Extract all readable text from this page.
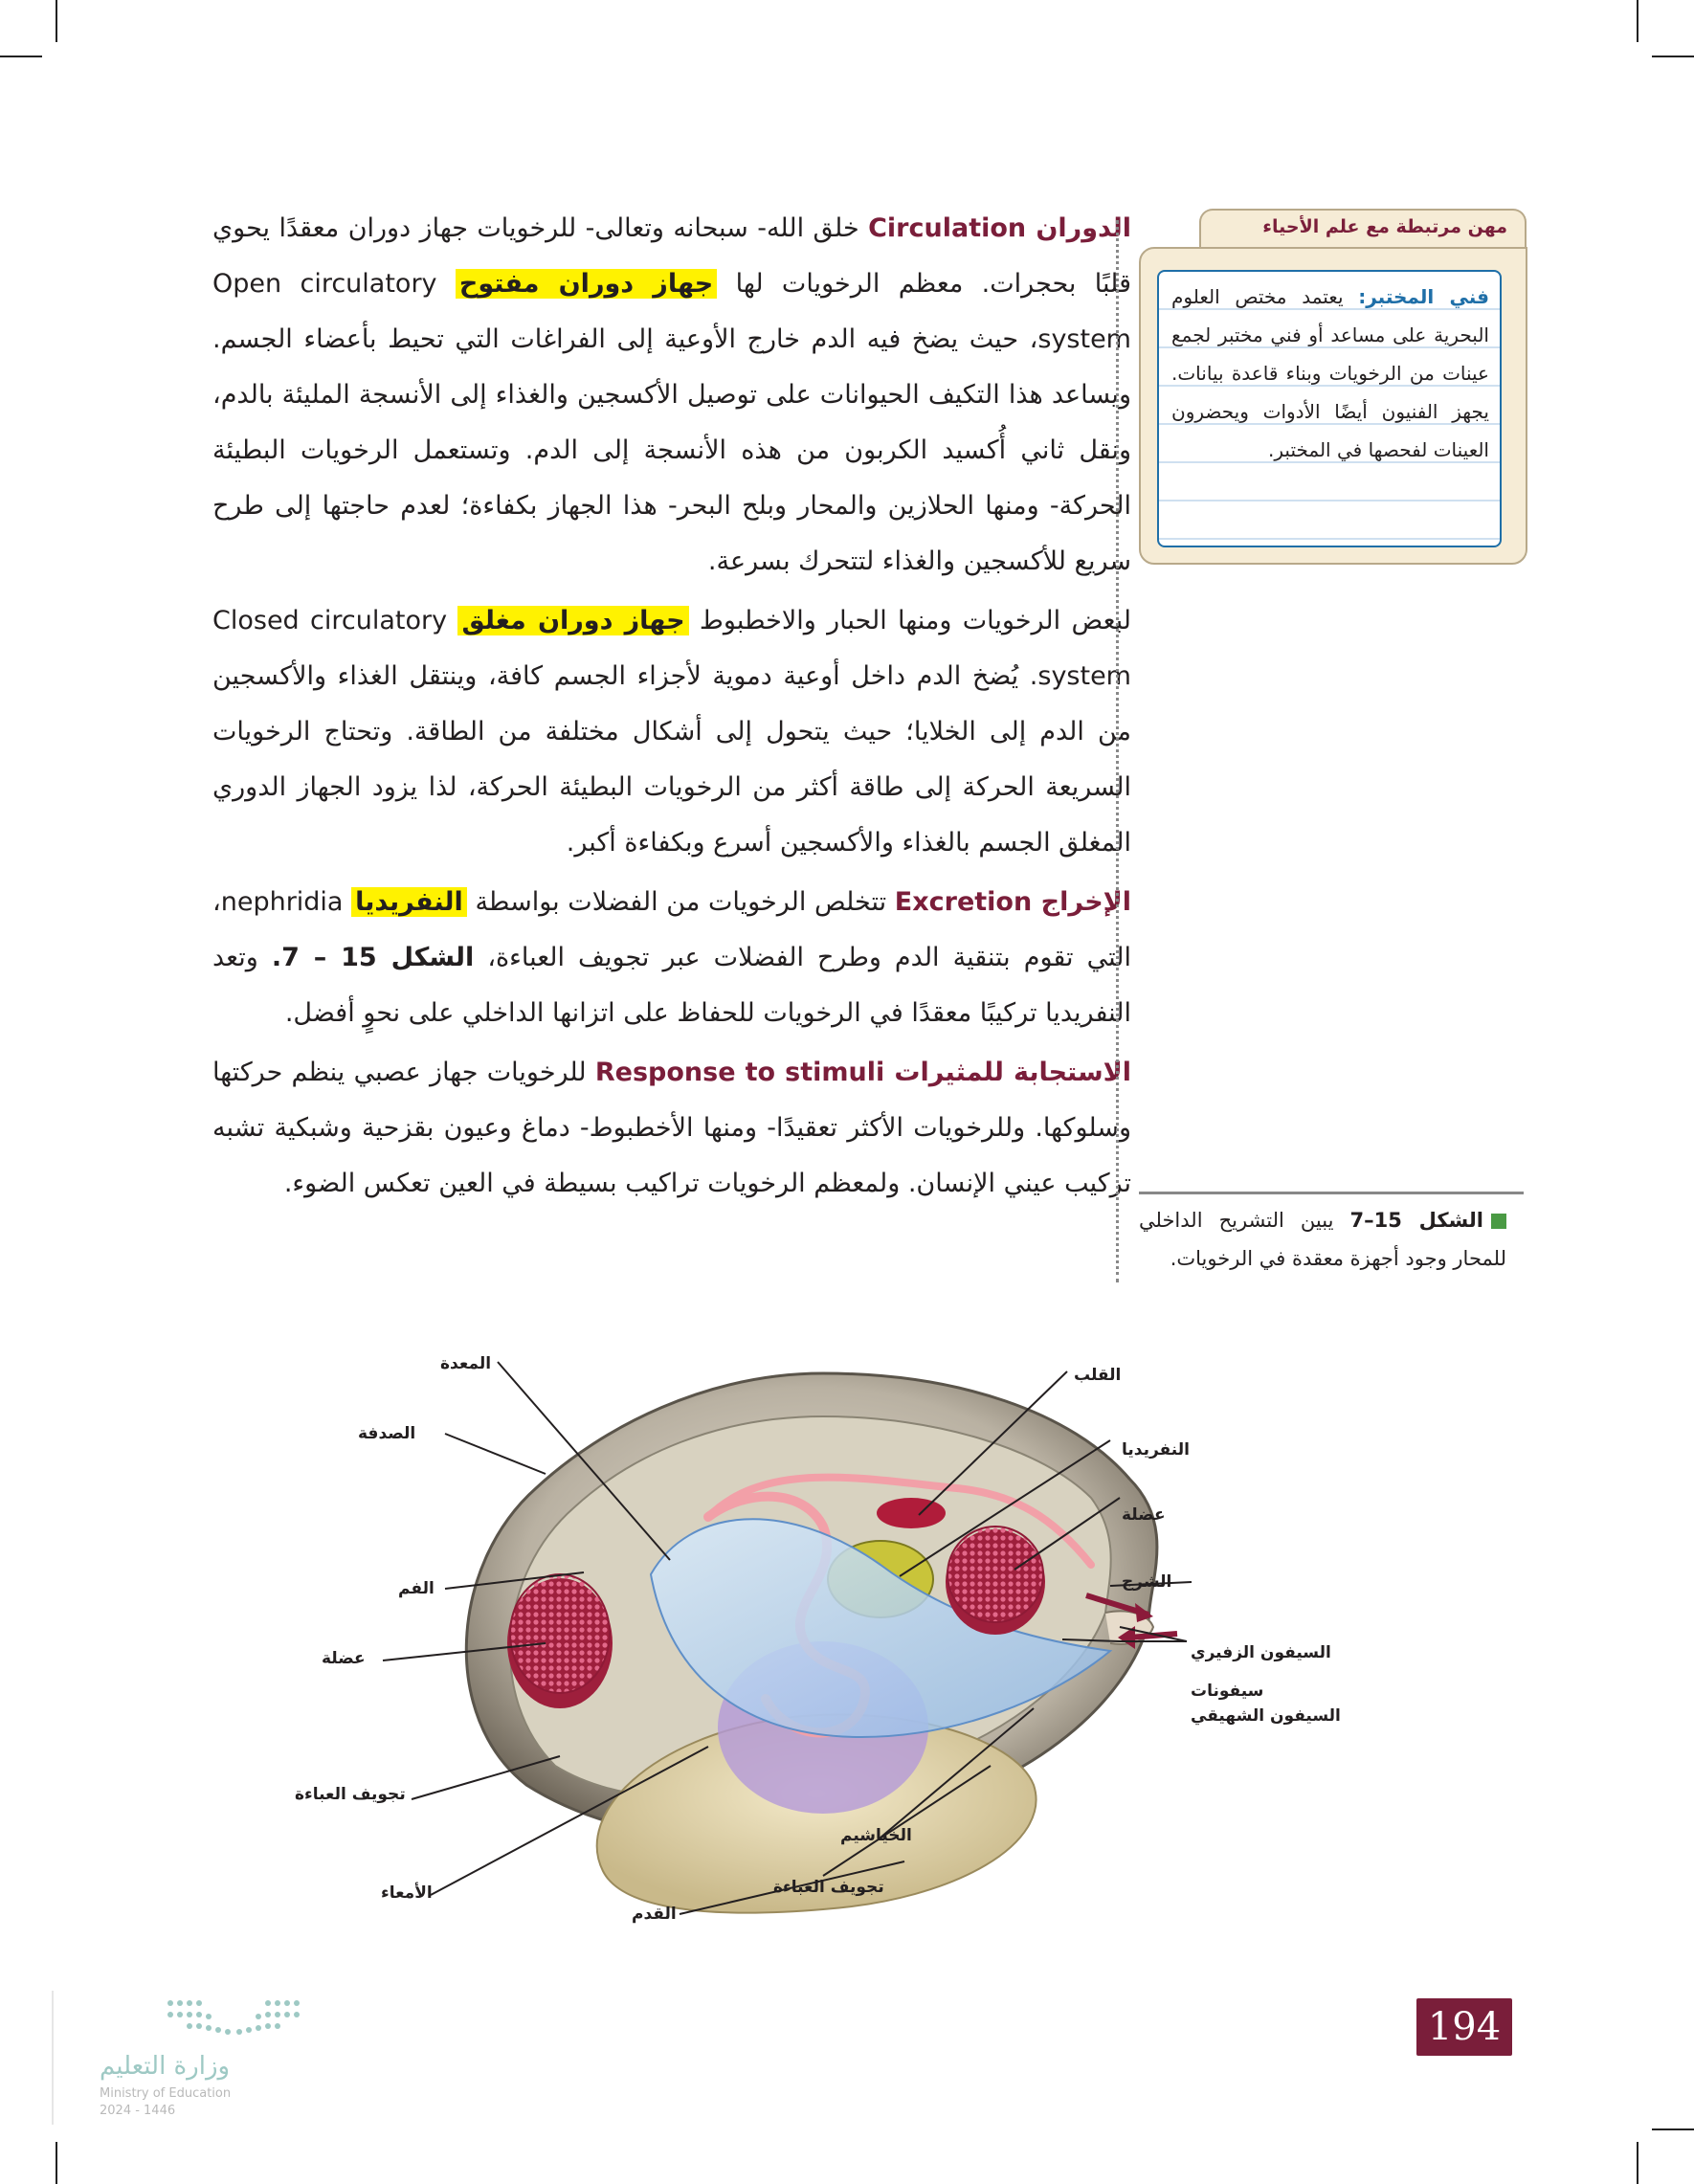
الدوران Circulation خلق الله- سبحانه وتعالى- للرخويات جهاز دوران معقدًا يحوي قلبًا بحجرات. معظم الرخويات لها جهاز دوران مفتوح Open circulatory system، حيث يضخ فيه الدم خارج الأوعية إلى الفراغات التي تحيط بأعضاء الجسم. ويساعد هذا التكيف الحيوانات على توصيل الأكسجين والغذاء إلى الأنسجة المليئة بالدم، ونقل ثاني أُكسيد الكربون من هذه الأنسجة إلى الدم. وتستعمل الرخويات البطيئة الحركة- ومنها الحلازين والمحار وبلح البحر- هذا الجهاز بكفاءة؛ لعدم حاجتها إلى طرح سريع للأكسجين والغذاء لتتحرك بسرعة.

لبعض الرخويات ومنها الحبار والاخطبوط جهاز دوران مغلق Closed circulatory system. يُضخ الدم داخل أوعية دموية لأجزاء الجسم كافة، وينتقل الغذاء والأكسجين من الدم إلى الخلايا؛ حيث يتحول إلى أشكال مختلفة من الطاقة. وتحتاج الرخويات السريعة الحركة إلى طاقة أكثر من الرخويات البطيئة الحركة، لذا يزود الجهاز الدوري المغلق الجسم بالغذاء والأكسجين أسرع وبكفاءة أكبر.

الإخراج Excretion تتخلص الرخويات من الفضلات بواسطة النفريديا nephridia، التي تقوم بتنقية الدم وطرح الفضلات عبر تجويف العباءة، الشكل 15 – 7. وتعد النفريديا تركيبًا معقدًا في الرخويات للحفاظ على اتزانها الداخلي على نحوٍ أفضل.

الاستجابة للمثيرات Response to stimuli للرخويات جهاز عصبي ينظم حركتها وسلوكها. وللرخويات الأكثر تعقيدًا- ومنها الأخطبوط- دماغ وعيون بقزحية وشبكية تشبه تركيب عيني الإنسان. ولمعظم الرخويات تراكيب بسيطة في العين تعكس الضوء.

مهن مرتبطة مع علم الأحياء
فني المختبر: يعتمد مختص العلوم البحرية على مساعد أو فني مختبر لجمع عينات من الرخويات وبناء قاعدة بيانات. يجهز الفنيون أيضًا الأدوات ويحضرون العينات لفحصها في المختبر.
الشكل 15–7 يبين التشريح الداخلي للمحار وجود أجهزة معقدة في الرخويات.
المعدة
الصدفة
الفم
عضلة
تجويف العباءة
الأمعاء
القدم
تجويف العباءة
الخياشيم
السيفون الشهيقي
سيفونات
السيفون الزفيري
الشرج
عضلة
النفريديا
القلب
وزارة التعليم
Ministry of Education
2024 - 1446
194
